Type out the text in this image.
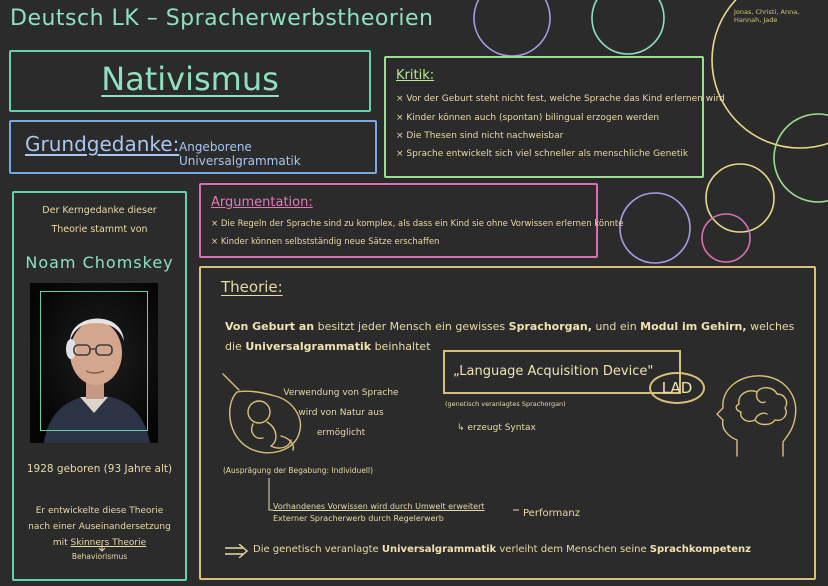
Deutsch LK – Spracherwerbstheorien	Jonas, Christi, Anna, Hannah, Jade
Nativismus
Grundgedanke: Angeborene Universalgrammatik
Kritik:
× Vor der Geburt steht nicht fest, welche Sprache das Kind erlernen wird
× Kinder können auch (spontan) bilingual erzogen werden
× Die Thesen sind nicht nachweisbar
× Sprache entwickelt sich viel schneller als menschliche Genetik
Argumentation:
× Die Regeln der Sprache sind zu komplex, als dass ein Kind sie ohne Vorwissen erlernen könnte
× Kinder können selbstständig neue Sätze erschaffen
Der Kerngedanke dieser
Theorie stammt von
Noam Chomskey
1928 geboren (93 Jahre alt)
Er entwickelte diese Theorie
nach einer Auseinandersetzung
mit Skinners Theorie
Behaviorismus
Theorie:
Von Geburt an besitzt jeder Mensch ein gewisses Sprachorgan, und ein Modul im Gehirn, welches
die Universalgrammatik beinhaltet
„Language Acquisition Device"
LAD
(genetisch veranlagtes Sprachorgan)
↳ erzeugt Syntax
Verwendung von Sprache
wird von Natur aus
ermöglicht
(Ausprägung der Begabung: Individuell)
Vorhandenes Vorwissen wird durch Umwelt erweitert
Externer Spracherwerb durch Regelerwerb	Performanz
Die genetisch veranlagte Universalgrammatik verleiht dem Menschen seine Sprachkompetenz
